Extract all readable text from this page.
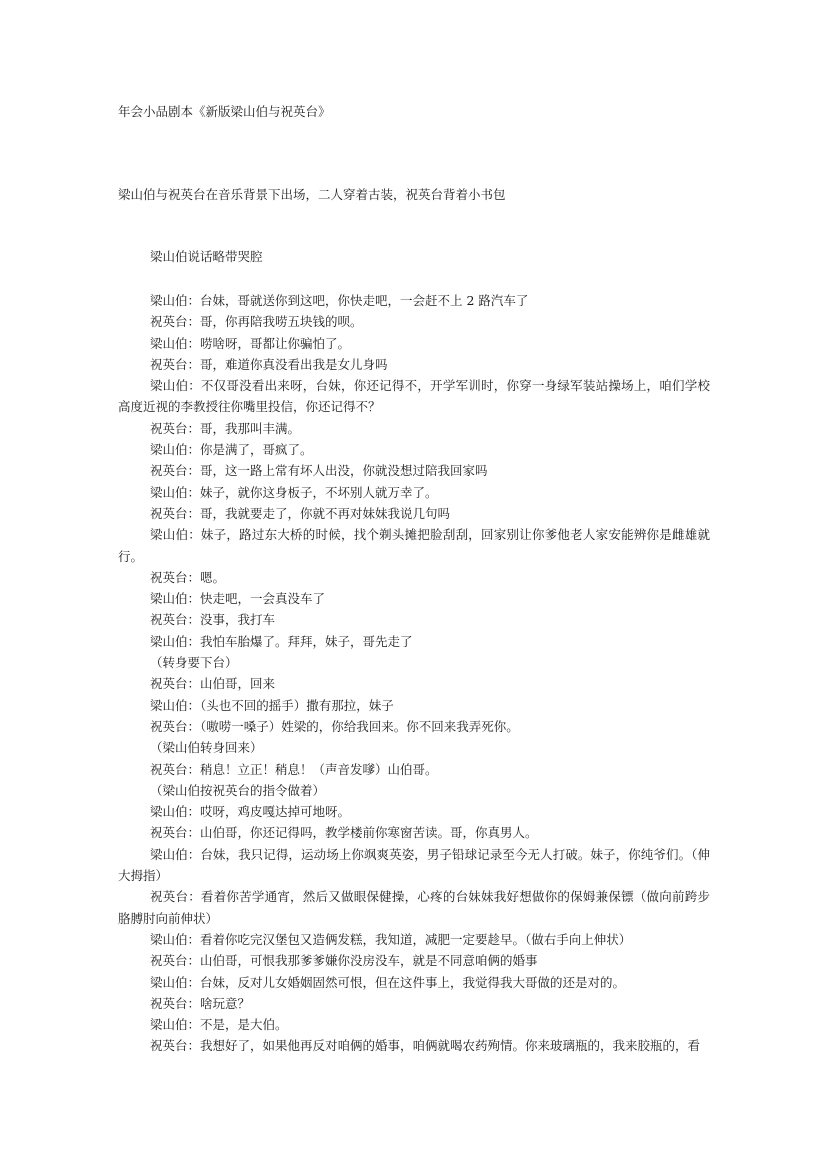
年会小品剧本《新版梁山伯与祝英台》
梁山伯与祝英台在音乐背景下出场，二人穿着古装，祝英台背着小书包
梁山伯说话略带哭腔

梁山伯：台妹，哥就送你到这吧，你快走吧，一会赶不上 2 路汽车了

祝英台：哥，你再陪我唠五块钱的呗。

梁山伯：唠啥呀，哥都让你骗怕了。

祝英台：哥，难道你真没看出我是女儿身吗

梁山伯：不仅哥没看出来呀，台妹，你还记得不，开学军训时，你穿一身绿军装站操场上，咱们学校高度近视的李教授往你嘴里投信，你还记得不？

祝英台：哥，我那叫丰满。

梁山伯：你是满了，哥疯了。

祝英台：哥，这一路上常有坏人出没，你就没想过陪我回家吗

梁山伯：妹子，就你这身板子，不坏别人就万幸了。

祝英台：哥，我就要走了，你就不再对妹妹我说几句吗

梁山伯：妹子，路过东大桥的时候，找个剃头摊把脸刮刮，回家别让你爹他老人家安能辨你是雌雄就行。

祝英台：嗯。

梁山伯：快走吧，一会真没车了

祝英台：没事，我打车

梁山伯：我怕车胎爆了。拜拜，妹子，哥先走了

（转身要下台）

祝英台：山伯哥，回来

梁山伯：（头也不回的摇手）撒有那拉，妹子

祝英台：（嗷唠一嗓子）姓梁的，你给我回来。你不回来我弄死你。

（梁山伯转身回来）

祝英台：稍息！立正！稍息！（声音发嗲）山伯哥。

（梁山伯按祝英台的指令做着）

梁山伯：哎呀，鸡皮嘎达掉可地呀。

祝英台：山伯哥，你还记得吗，教学楼前你寒窗苦读。哥，你真男人。

梁山伯：台妹，我只记得，运动场上你飒爽英姿，男子铅球记录至今无人打破。妹子，你纯爷们。（伸大拇指）

祝英台：看着你苦学通宵，然后又做眼保健操，心疼的台妹妹我好想做你的保姆兼保镖（做向前跨步胳膊肘向前伸状）

梁山伯：看着你吃完汉堡包又造俩发糕，我知道，减肥一定要趁早。（做右手向上伸状）

祝英台：山伯哥，可恨我那爹爹嫌你没房没车，就是不同意咱俩的婚事

梁山伯：台妹，反对儿女婚姻固然可恨，但在这件事上，我觉得我大哥做的还是对的。

祝英台：啥玩意？

梁山伯：不是，是大伯。

祝英台：我想好了，如果他再反对咱俩的婚事，咱俩就喝农药殉情。你来玻璃瓶的，我来胶瓶的，看
